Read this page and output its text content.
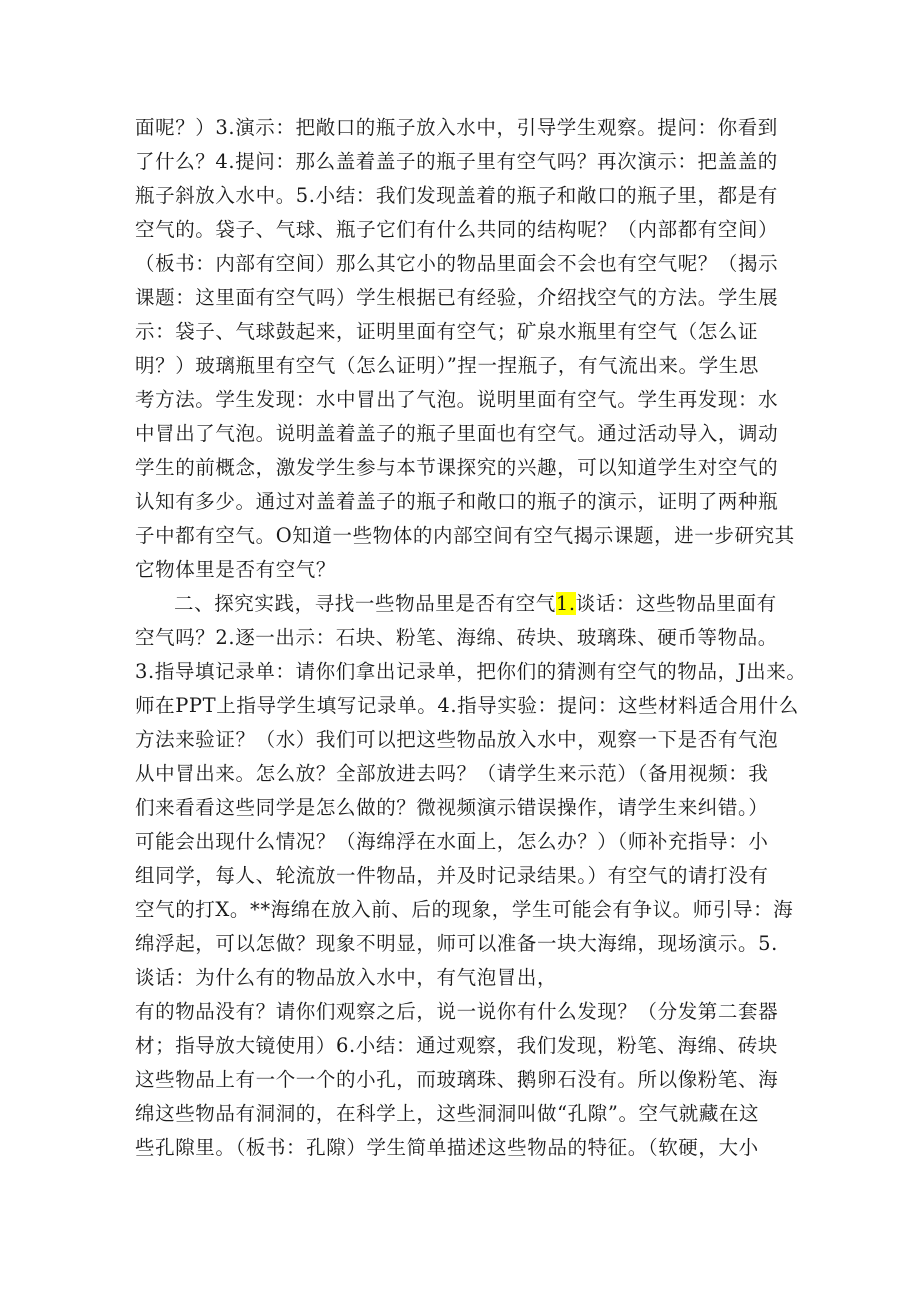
面呢？）3.演示：把敞口的瓶子放入水中，引导学生观察。提问：你看到
了什么？4.提问：那么盖着盖子的瓶子里有空气吗？再次演示：把盖盖的
瓶子斜放入水中。5.小结：我们发现盖着的瓶子和敞口的瓶子里，都是有
空气的。袋子、气球、瓶子它们有什么共同的结构呢？（内部都有空间）
（板书：内部有空间）那么其它小的物品里面会不会也有空气呢？（揭示
课题：这里面有空气吗）学生根据已有经验，介绍找空气的方法。学生展
示：袋子、气球鼓起来，证明里面有空气；矿泉水瓶里有空气（怎么证
明？）玻璃瓶里有空气（怎么证明）”捏一捏瓶子，有气流出来。学生思
考方法。学生发现：水中冒出了气泡。说明里面有空气。学生再发现：水
中冒出了气泡。说明盖着盖子的瓶子里面也有空气。通过活动导入，调动
学生的前概念，激发学生参与本节课探究的兴趣，可以知道学生对空气的
认知有多少。通过对盖着盖子的瓶子和敞口的瓶子的演示，证明了两种瓶
子中都有空气。O知道一些物体的内部空间有空气揭示课题，进一步研究其
它物体里是否有空气？
二、探究实践，寻找一些物品里是否有空气1.谈话：这些物品里面有
空气吗？2.逐一出示：石块、粉笔、海绵、砖块、玻璃珠、硬币等物品。
3.指导填记录单：请你们拿出记录单，把你们的猜测有空气的物品，J出来。
师在PPT上指导学生填写记录单。4.指导实验：提问：这些材料适合用什么
方法来验证？（水）我们可以把这些物品放入水中，观察一下是否有气泡
从中冒出来。怎么放？全部放进去吗？（请学生来示范）（备用视频：我
们来看看这些同学是怎么做的？微视频演示错误操作，请学生来纠错。）
可能会出现什么情况？（海绵浮在水面上，怎么办？）（师补充指导：小
组同学，每人、轮流放一件物品，并及时记录结果。）有空气的请打没有
空气的打X。**海绵在放入前、后的现象，学生可能会有争议。师引导：海
绵浮起，可以怎做？现象不明显，师可以准备一块大海绵，现场演示。5.
谈话：为什么有的物品放入水中，有气泡冒出，
有的物品没有？请你们观察之后，说一说你有什么发现？（分发第二套器
材；指导放大镜使用）6.小结：通过观察，我们发现，粉笔、海绵、砖块
这些物品上有一个一个的小孔，而玻璃珠、鹅卵石没有。所以像粉笔、海
绵这些物品有洞洞的，在科学上，这些洞洞叫做“孔隙”。空气就藏在这
些孔隙里。（板书：孔隙）学生简单描述这些物品的特征。（软硬，大小
